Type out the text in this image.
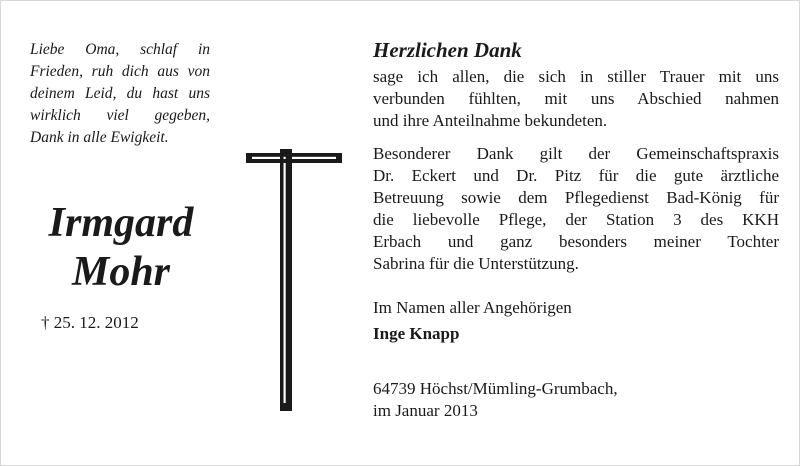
Liebe Oma, schlaf in
Frieden, ruh dich aus von
deinem Leid, du hast uns
wirklich viel gegeben,
Dank in alle Ewigkeit.
Irmgard
Mohr
† 25. 12. 2012
Herzlichen Dank
sage ich allen, die sich in stiller Trauer mit uns
verbunden fühlten, mit uns Abschied nahmen
und ihre Anteilnahme bekundeten.
Besonderer Dank gilt der Gemeinschaftspraxis
Dr. Eckert und Dr. Pitz für die gute ärztliche
Betreuung sowie dem Pflegedienst Bad-König für
die liebevolle Pflege, der Station 3 des KKH
Erbach und ganz besonders meiner Tochter
Sabrina für die Unterstützung.
Im Namen aller Angehörigen
Inge Knapp
64739 Höchst/Mümling-Grumbach,
im Januar 2013
